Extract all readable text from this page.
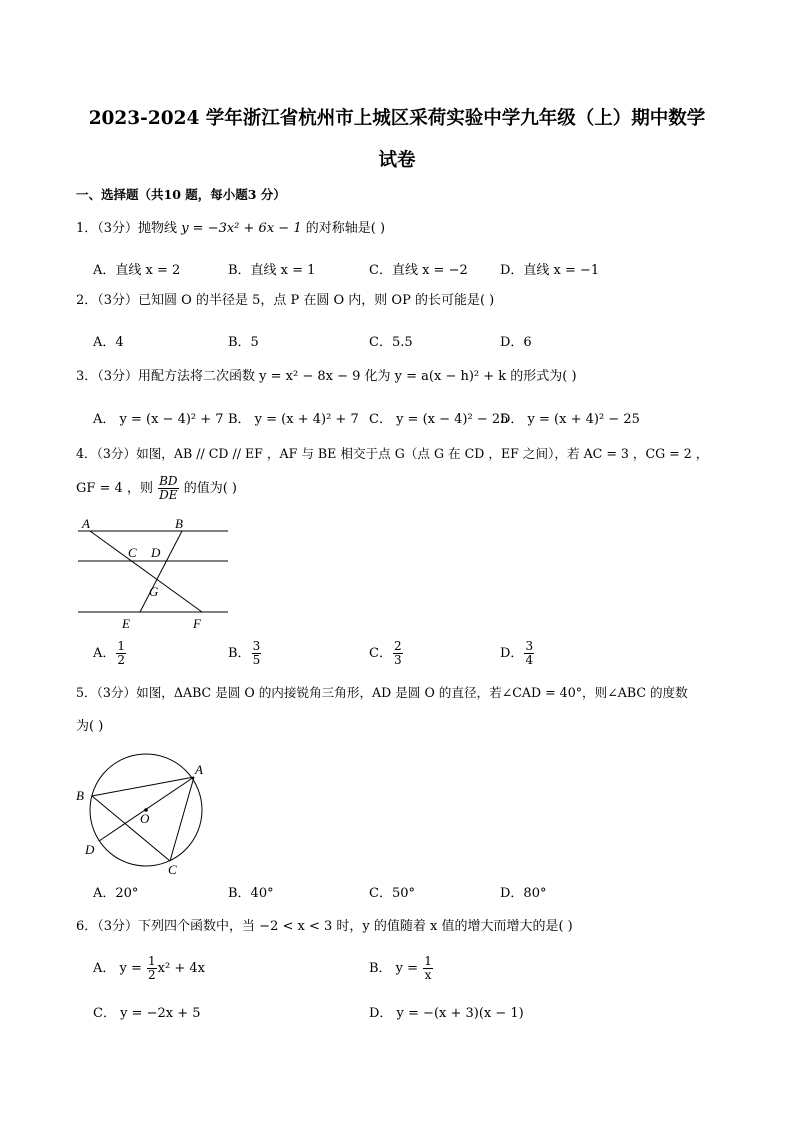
2023-2024 学年浙江省杭州市上城区采荷实验中学九年级（上）期中数学
试卷
一、选择题（共10 题，每小题3 分）
1．（3分）抛物线 y = −3x² + 6x − 1 的对称轴是( )
A．直线 x = 2	B．直线 x = 1	C．直线 x = −2 D．直线 x = −1
2．（3分）已知圆 O 的半径是 5，点 P 在圆 O 内，则 OP 的长可能是( )
A．4	B．5	C．5.5	D．6
3．（3分）用配方法将二次函数 y = x² − 8x − 9 化为 y = a(x − h)² + k 的形式为( )
A． y = (x − 4)² + 7 B． y = (x + 4)² + 7 C． y = (x − 4)² − 25
D． y = (x + 4)² − 25
4．（3分）如图，AB // CD // EF ，AF 与 BE 相交于点 G（点 G 在 CD ，EF 之间），若 AC = 3 ，CG = 2 ，
GF = 4 ，则 $\frac{BD}{DE}$ 的值为( )
A	B
C D
G
E	F
A． $\frac{1}{2}$	B． $\frac{3}{5}$	C． $\frac{2}{3}$	D． $\frac{3}{4}$
5．（3分）如图，ΔABC 是圆 O 的内接锐角三角形，AD 是圆 O 的直径，若∠CAD = 40°，则∠ABC 的度数
为( )
A
B
C
D
O
A．20°	B．40°	C．50°	D．80°
6．（3分）下列四个函数中，当 −2 < x < 3 时，y 的值随着 x 值的增大而增大的是( )
A． $y = \frac{1}{2} x^2 + 4x$	B． $y = \frac{1}{x}$
C． y = −2x + 5	D． y = −(x + 3)(x − 1)
